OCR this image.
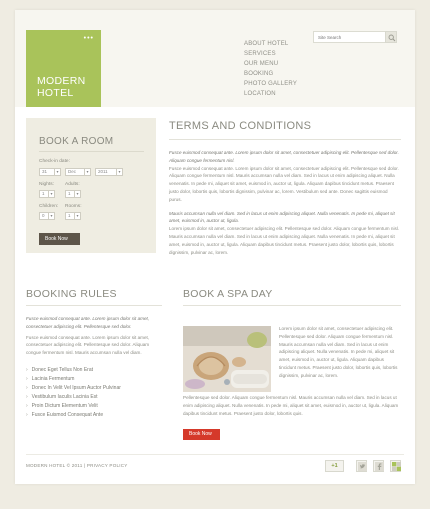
•••
MODERN
HOTEL
ABOUT HOTEL
SERVICES
OUR MENU
BOOKING
PHOTO GALLERY
LOCATION
Site Search
BOOK A ROOM
Check-in date:
31	▾	Dec	▾	2011	▾
Nights: Adults:
1	▾	1	▾
Children: Rooms:
0	▾	1	▾
Book Now
TERMS AND CONDITIONS

Fusce euismod consequat ante. Lorem ipsum dolor sit amet, consectetuer adipiscing elit. Pellentesque sed dolor. Aliquam congue fermentum nisl.

Fusce euismod consequat ante. Lorem ipsum dolor sit amet, consectetuer adipiscing elit. Pellentesque sed dolor. Aliquam congue fermentum nisl. Mauris accumsan nulla vel diam. Sed in lacus ut enim adipiscing aliquet. Nulla venenatis. In pede mi, aliquet sit amet, euismod in, auctor ut, ligula. Aliquam dapibus tincidunt metus. Praesent justo dolor, lobortis quis, lobortis dignissim, pulvinar ac, lorem. Vestibulum sed ante. Donec sagittis euismod purus.

Mauris accumsan nulla vel diam. Sed in lacus ut enim adipiscing aliquet. Nulla venenatis. In pede mi, aliquet sit amet, euismod in, auctor ut, ligula.

Lorem ipsum dolor sit amet, consectetuer adipiscing elit. Pellentesque sed dolor. Aliquam congue fermentum nisl. Mauris accumsan nulla vel diam. Sed in lacus ut enim adipiscing aliquet. Nulla venenatis. In pede mi, aliquet sit amet, euismod in, auctor ut, ligula. Aliquam dapibus tincidunt metus. Praesent justo dolor, lobortis quis, lobortis dignissim, pulvinar ac, lorem.

BOOKING RULES

Fusce euismod consequat ante. Lorem ipsum dolor sit amet, consectetuer adipiscing elit. Pellentesque sed dolor.

Fusce euismod consequat ante. Lorem ipsum dolor sit amet, consectetuer adipiscing elit. Pellentesque sed dolor. Aliquam congue fermentum nisl. Mauris accumsan nulla vel diam.

› Donec Eget Tellus Non Erat
› Lacinia Fermentum
› Donec In Velit Vel Ipsum Auctor Pulvinar
› Vestibulum Iaculis Lacinia Est
› Proin Dictum Elementum Velit
› Fusce Euismod Consequat Ante
BOOK A SPA DAY
Lorem ipsum dolor sit amet, consectetuer adipiscing elit. Pellentesque sed dolor. Aliquam congue fermentum nisl. Mauris accumsan nulla vel diam. Sed in lacus ut enim adipiscing aliquet. Nulla venenatis. In pede mi, aliquet sit amet, euismod in, auctor ut, ligula. Aliquam dapibus tincidunt metus. Praesent justo dolor, lobortis quis, lobortis dignissim, pulvinar ac, lorem.
Pellentesque sed dolor. Aliquam congue fermentum nisl. Mauris accumsan nulla vel diam. Sed in lacus ut enim adipiscing aliquet. Nulla venenatis. In pede mi, aliquet sit amet, euismod in, auctor ut, ligula. Aliquam dapibus tincidunt metus. Praesent justo dolor, lobortis quis.
Book Now
MODERN HOTEL © 2011 | PRIVACY POLICY	+1
